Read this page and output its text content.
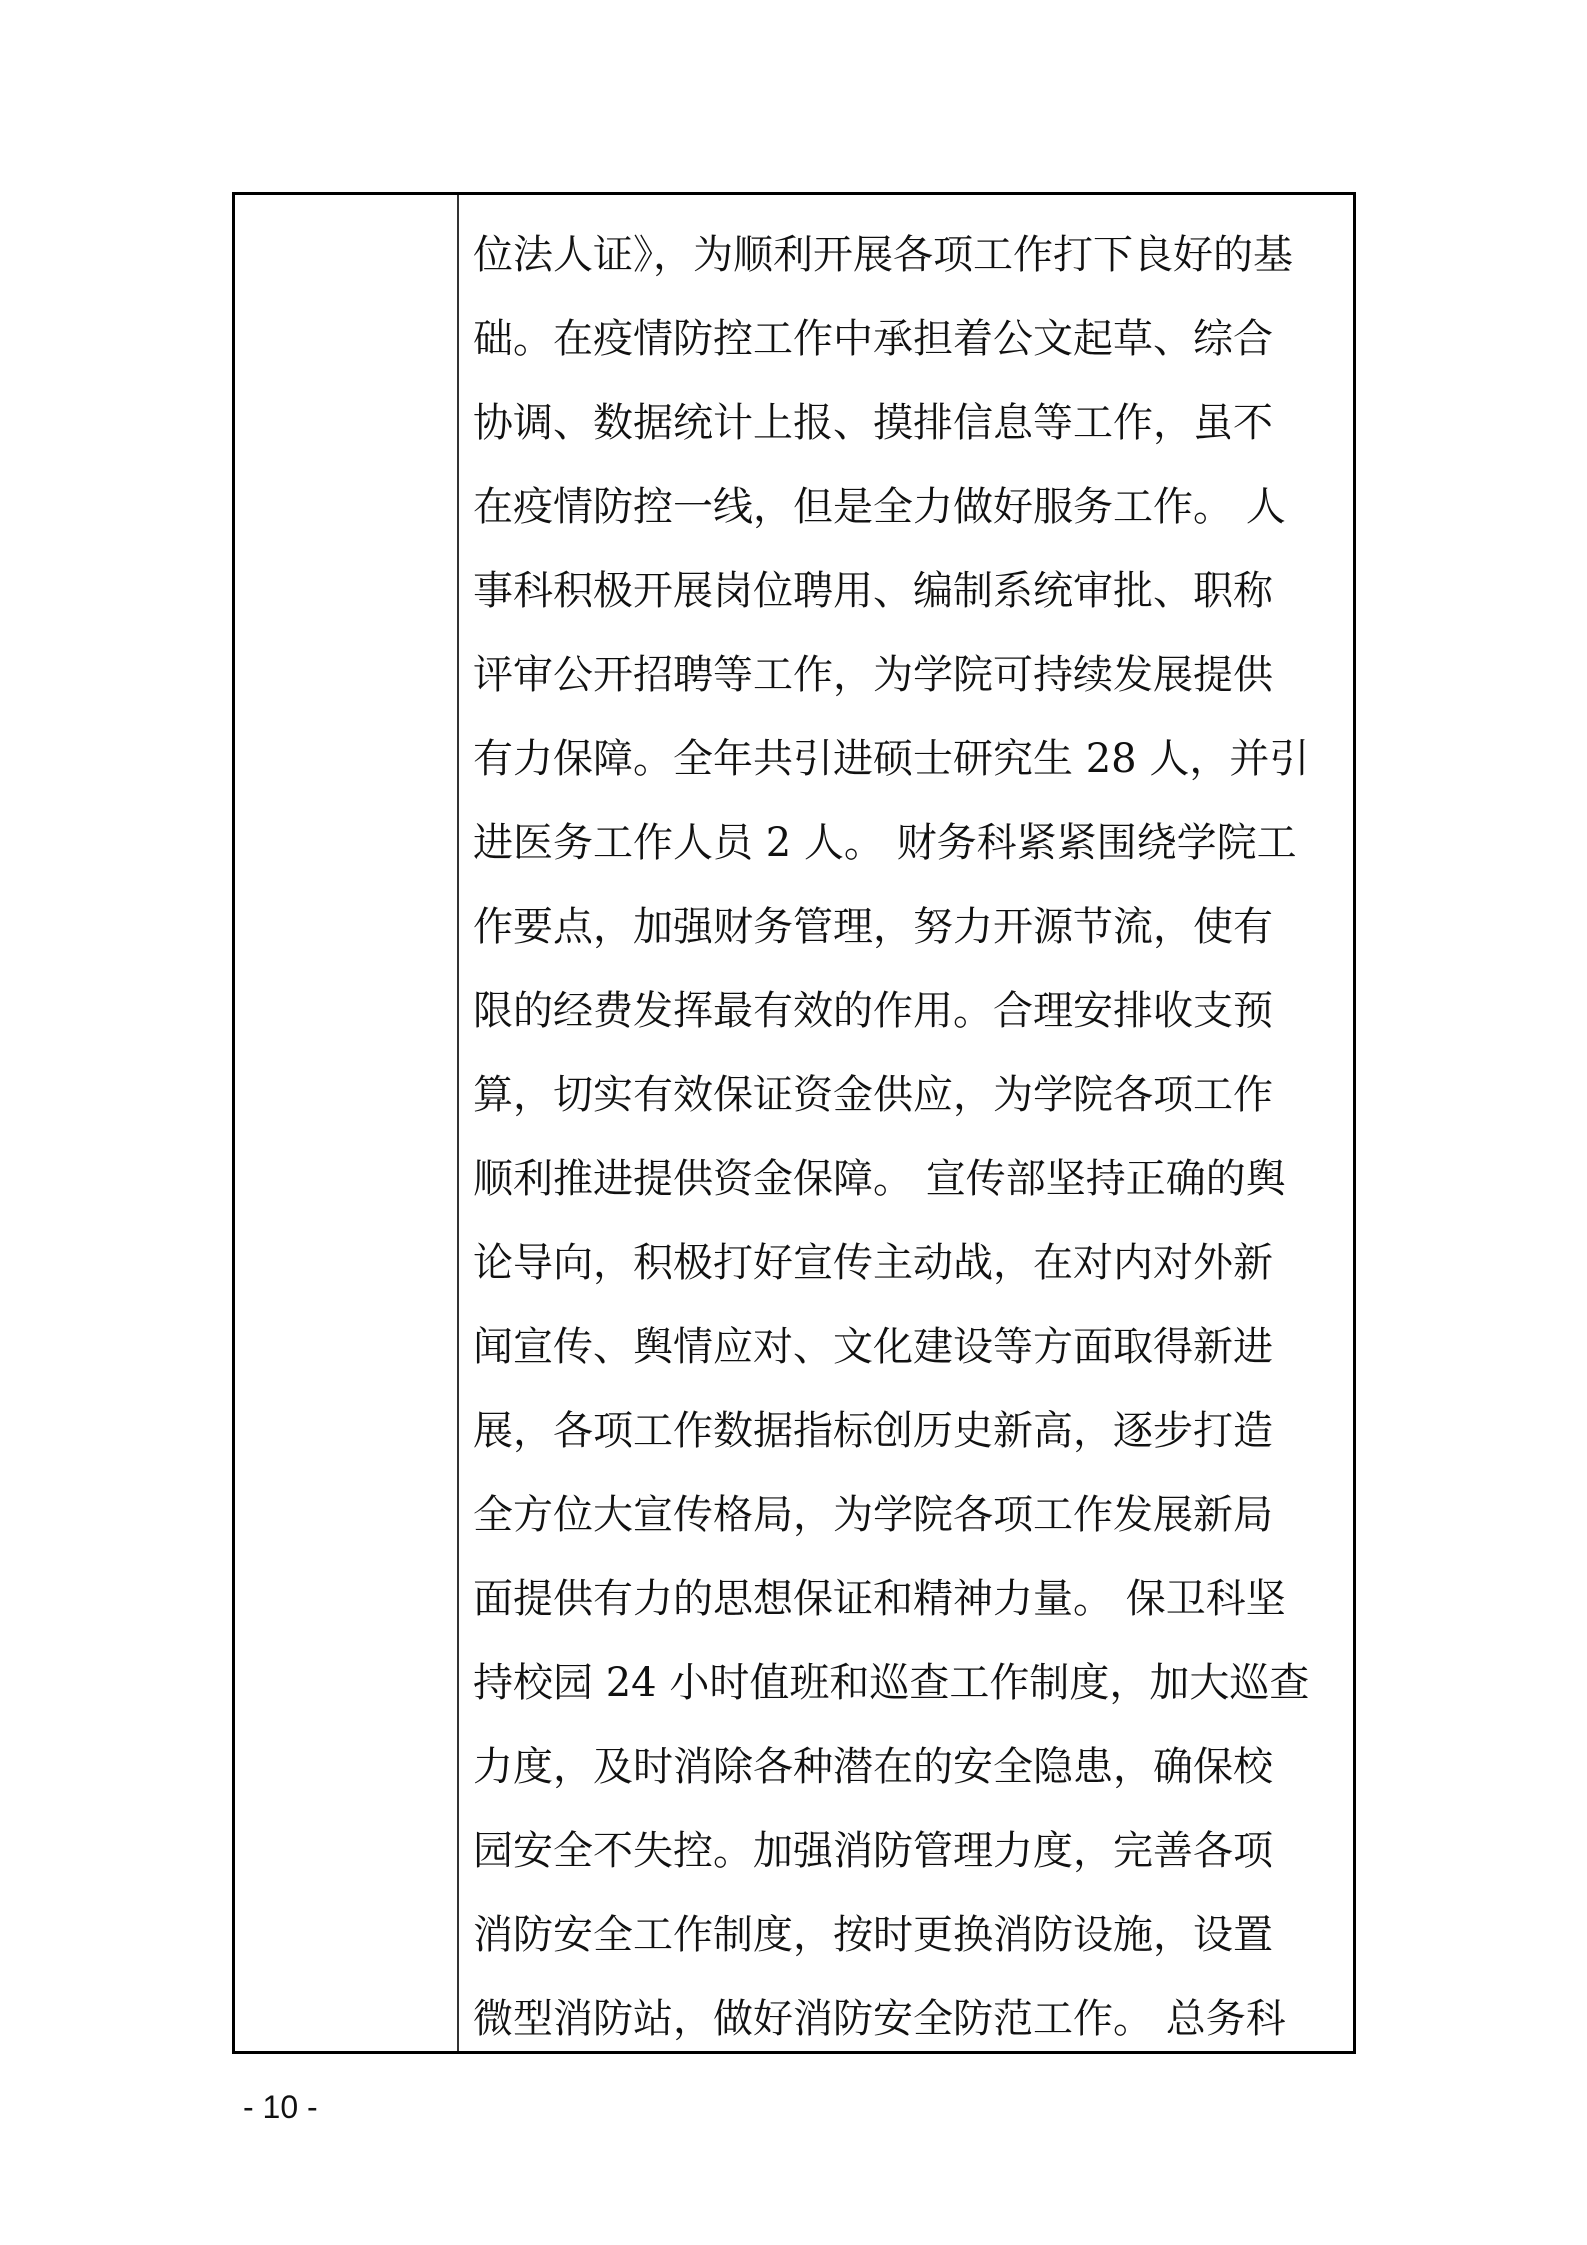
位法人证》，为顺利开展各项工作打下良好的基
础。在疫情防控工作中承担着公文起草、综合
协调、数据统计上报、摸排信息等工作，虽不
在疫情防控一线，但是全力做好服务工作。 人
事科积极开展岗位聘用、编制系统审批、职称
评审公开招聘等工作，为学院可持续发展提供
有力保障。全年共引进硕士研究生 28 人，并引
进医务工作人员 2 人。 财务科紧紧围绕学院工
作要点，加强财务管理，努力开源节流，使有
限的经费发挥最有效的作用。合理安排收支预
算，切实有效保证资金供应，为学院各项工作
顺利推进提供资金保障。 宣传部坚持正确的舆
论导向，积极打好宣传主动战，在对内对外新
闻宣传、舆情应对、文化建设等方面取得新进
展，各项工作数据指标创历史新高，逐步打造
全方位大宣传格局，为学院各项工作发展新局
面提供有力的思想保证和精神力量。 保卫科坚
持校园 24 小时值班和巡查工作制度，加大巡查
力度，及时消除各种潜在的安全隐患，确保校
园安全不失控。加强消防管理力度，完善各项
消防安全工作制度，按时更换消防设施，设置
微型消防站，做好消防安全防范工作。 总务科
- 10 -
